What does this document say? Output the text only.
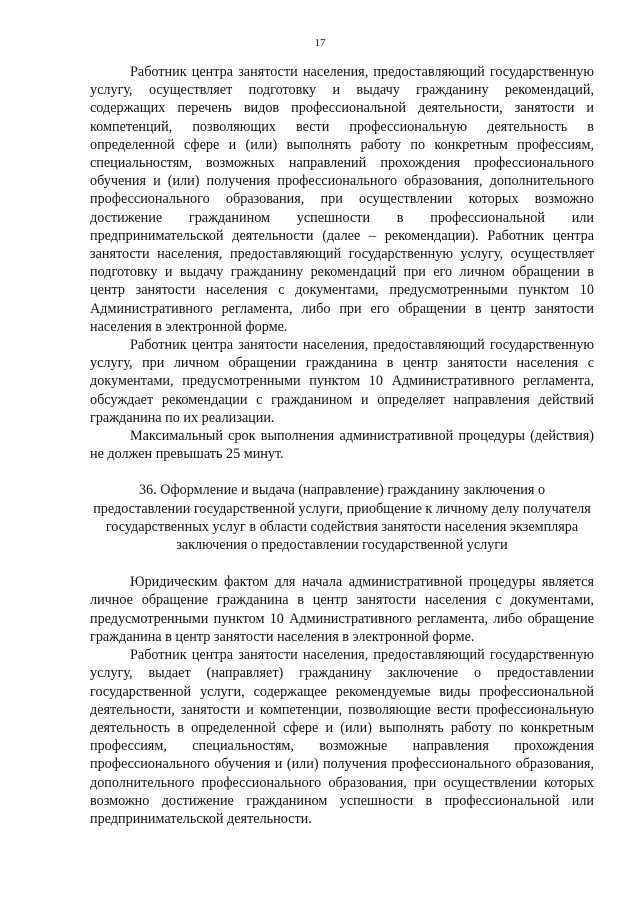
17

Работник центра занятости населения, предоставляющий государственную услугу, осуществляет подготовку и выдачу гражданину рекомендаций, содержащих перечень видов профессиональной деятельности, занятости и компетенций, позволяющих вести профессиональную деятельность в определенной сфере и (или) выполнять работу по конкретным профессиям, специальностям, возможных направлений прохождения профессионального обучения и (или) получения профессионального образования, дополнительного профессионального образования, при осуществлении которых возможно достижение гражданином успешности в профессиональной или предпринимательской деятельности (далее – рекомендации). Работник центра занятости населения, предоставляющий государственную услугу, осуществляет подготовку и выдачу гражданину рекомендаций при его личном обращении в центр занятости населения с документами, предусмотренными пунктом 10 Административного регламента, либо при его обращении в центр занятости населения в электронной форме.

Работник центра занятости населения, предоставляющий государственную услугу, при личном обращении гражданина в центр занятости населения с документами, предусмотренными пунктом 10 Административного регламента, обсуждает рекомендации с гражданином и определяет направления действий гражданина по их реализации.

Максимальный срок выполнения административной процедуры (действия) не должен превышать 25 минут.

36. Оформление и выдача (направление) гражданину заключения о предоставлении государственной услуги, приобщение к личному делу получателя государственных услуг в области содействия занятости населения экземпляра заключения о предоставлении государственной услуги

Юридическим фактом для начала административной процедуры является личное обращение гражданина в центр занятости населения с документами, предусмотренными пунктом 10 Административного регламента, либо обращение гражданина в центр занятости населения в электронной форме.

Работник центра занятости населения, предоставляющий государственную услугу, выдает (направляет) гражданину заключение о предоставлении государственной услуги, содержащее рекомендуемые виды профессиональной деятельности, занятости и компетенции, позволяющие вести профессиональную деятельность в определенной сфере и (или) выполнять работу по конкретным профессиям, специальностям, возможные направления прохождения профессионального обучения и (или) получения профессионального образования, дополнительного профессионального образования, при осуществлении которых возможно достижение гражданином успешности в профессиональной или предпринимательской деятельности.
